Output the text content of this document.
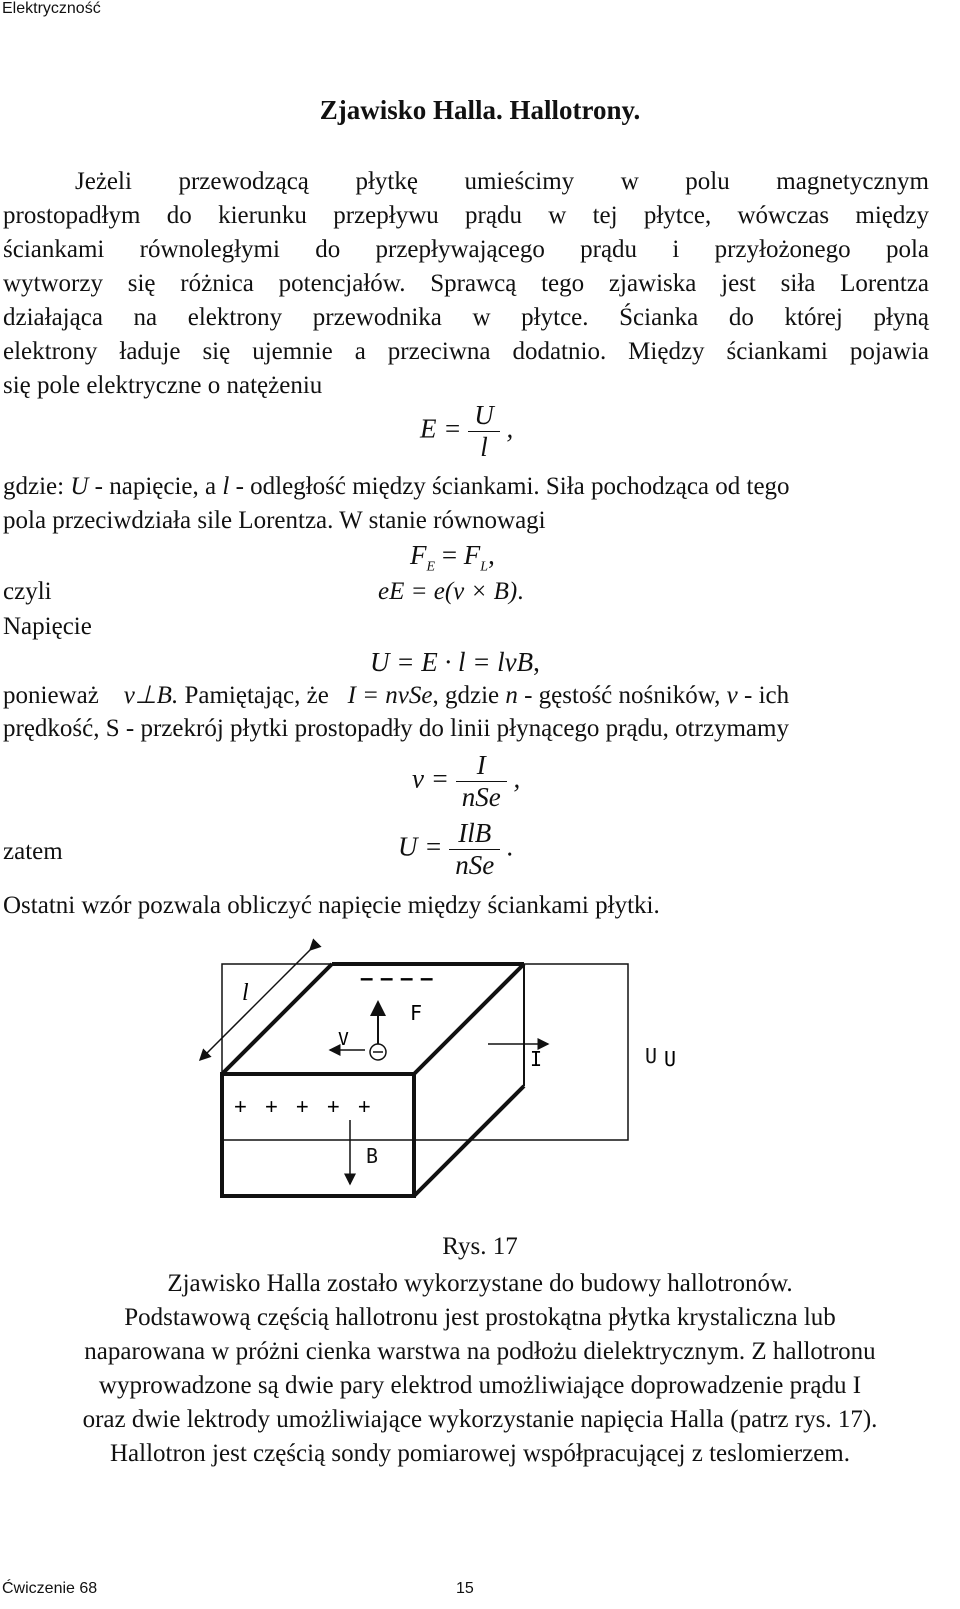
Elektryczność
Zjawisko Halla. Hallotrony.
Jeżeli przewodzącą płytkę umieścimy w polu magnetycznym
prostopadłym do kierunku przepływu prądu w tej płytce, wówczas między
ściankami równoległymi do przepływającego prądu i przyłożonego pola
wytworzy się różnica potencjałów. Sprawcą tego zjawiska jest siła Lorentza
działająca na elektrony przewodnika w płytce. Ścianka do której płyną
elektrony ładuje się ujemnie a przeciwna dodatnio. Między ściankami pojawia
się pole elektryczne o natężeniu
$E = \frac{U}{l}$ ,
gdzie: U - napięcie, a l - odległość między ściankami. Siła pochodząca od tego
pola przeciwdziała sile Lorentza. W stanie równowagi
$F_E = F_L$,
czyli	eE = e(v × B).
Napięcie
U = E · l = lvB,
ponieważ v⊥B. Pamiętając, że   I = nvSe, gdzie n - gęstość nośników, v - ich
prędkość, S - przekrój płytki prostopadły do linii płynącego prądu, otrzymamy
$v = \frac{I}{\text{nSe}}$ ,
zatem	$U = \frac{\text{IlB}}{\text{nSe}}$ .
Ostatni wzór pozwala obliczyć napięcie między ściankami płytki.
l
– – – –
F
V
I	U
+ + + + +
B
U
Rys. 17
Zjawisko Halla zostało wykorzystane do budowy hallotronów.
Podstawową częścią hallotronu jest prostokątna płytka krystaliczna lub
naparowana w próżni cienka warstwa na podłożu dielektrycznym. Z hallotronu
wyprowadzone są dwie pary elektrod umożliwiające doprowadzenie prądu I
oraz dwie lektrody umożliwiające wykorzystanie napięcia Halla (patrz rys. 17).
Hallotron jest częścią sondy pomiarowej współpracującej z teslomierzem.
Ćwiczenie 68	15
